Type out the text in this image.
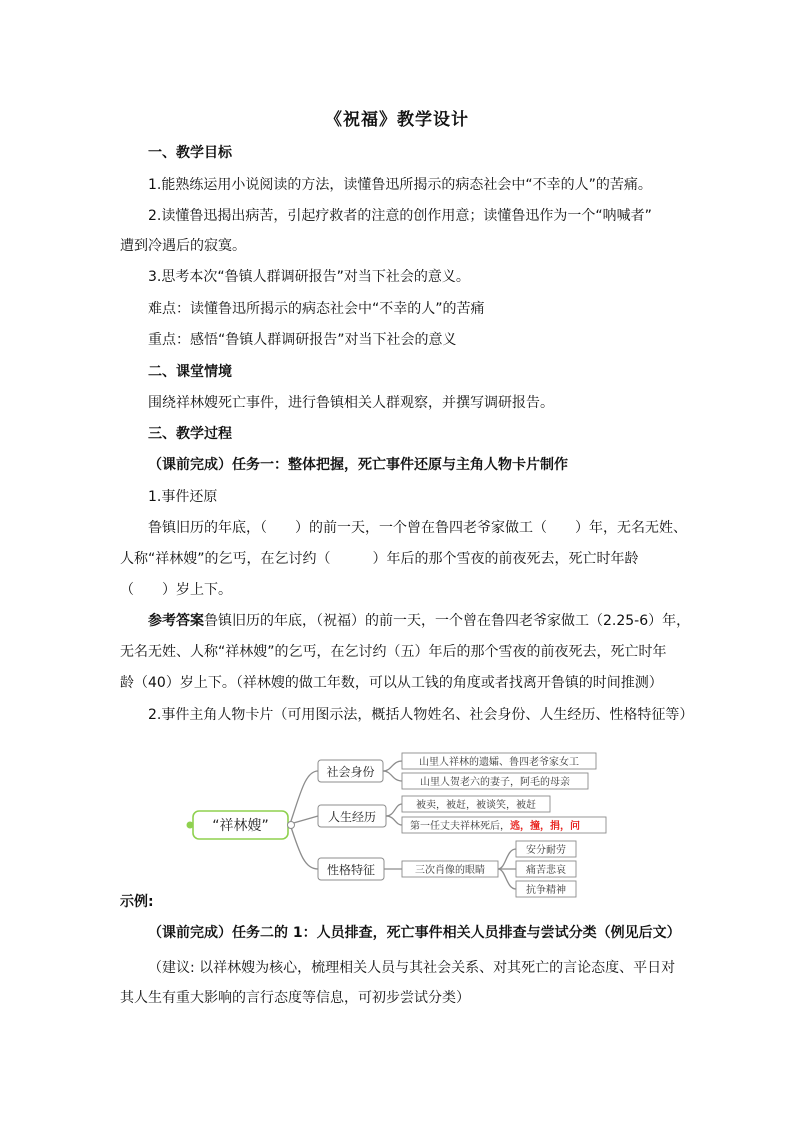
《祝福》教学设计
一、教学目标
1.能熟练运用小说阅读的方法，读懂鲁迅所揭示的病态社会中“不幸的人”的苦痛。
2.读懂鲁迅揭出病苦，引起疗救者的注意的创作用意；读懂鲁迅作为一个“呐喊者”
遭到冷遇后的寂寞。
3.思考本次“鲁镇人群调研报告”对当下社会的意义。
难点：读懂鲁迅所揭示的病态社会中“不幸的人”的苦痛
重点：感悟“鲁镇人群调研报告”对当下社会的意义
二、课堂情境
围绕祥林嫂死亡事件，进行鲁镇相关人群观察，并撰写调研报告。
三、教学过程
（课前完成）任务一：整体把握，死亡事件还原与主角人物卡片制作
1.事件还原
鲁镇旧历的年底，（　　）的前一天，一个曾在鲁四老爷家做工（　　）年，无名无姓、
人称“祥林嫂”的乞丐，在乞讨约（　　　）年后的那个雪夜的前夜死去，死亡时年龄
（　　）岁上下。
参考答案鲁镇旧历的年底，（祝福）的前一天，一个曾在鲁四老爷家做工（2.25-6）年，
无名无姓、人称“祥林嫂”的乞丐，在乞讨约（五）年后的那个雪夜的前夜死去，死亡时年
龄（40）岁上下。（祥林嫂的做工年数，可以从工钱的角度或者找离开鲁镇的时间推测）
2.事件主角人物卡片（可用图示法，概括人物姓名、社会身份、人生经历、性格特征等）
“祥林嫂”
社会身份
人生经历
性格特征
山里人祥林的遗孀、鲁四老爷家女工
山里人贺老六的妻子，阿毛的母亲
被卖，被赶，被谈笑，被赶
第一任丈夫祥林死后，逃，撞，捐，问
三次肖像的眼睛
安分耐劳
痛苦悲哀
抗争精神
示例:
（课前完成）任务二的 1：人员排查，死亡事件相关人员排查与尝试分类（例见后文）
（建议: 以祥林嫂为核心，梳理相关人员与其社会关系、对其死亡的言论态度、平日对
其人生有重大影响的言行态度等信息，可初步尝试分类）
